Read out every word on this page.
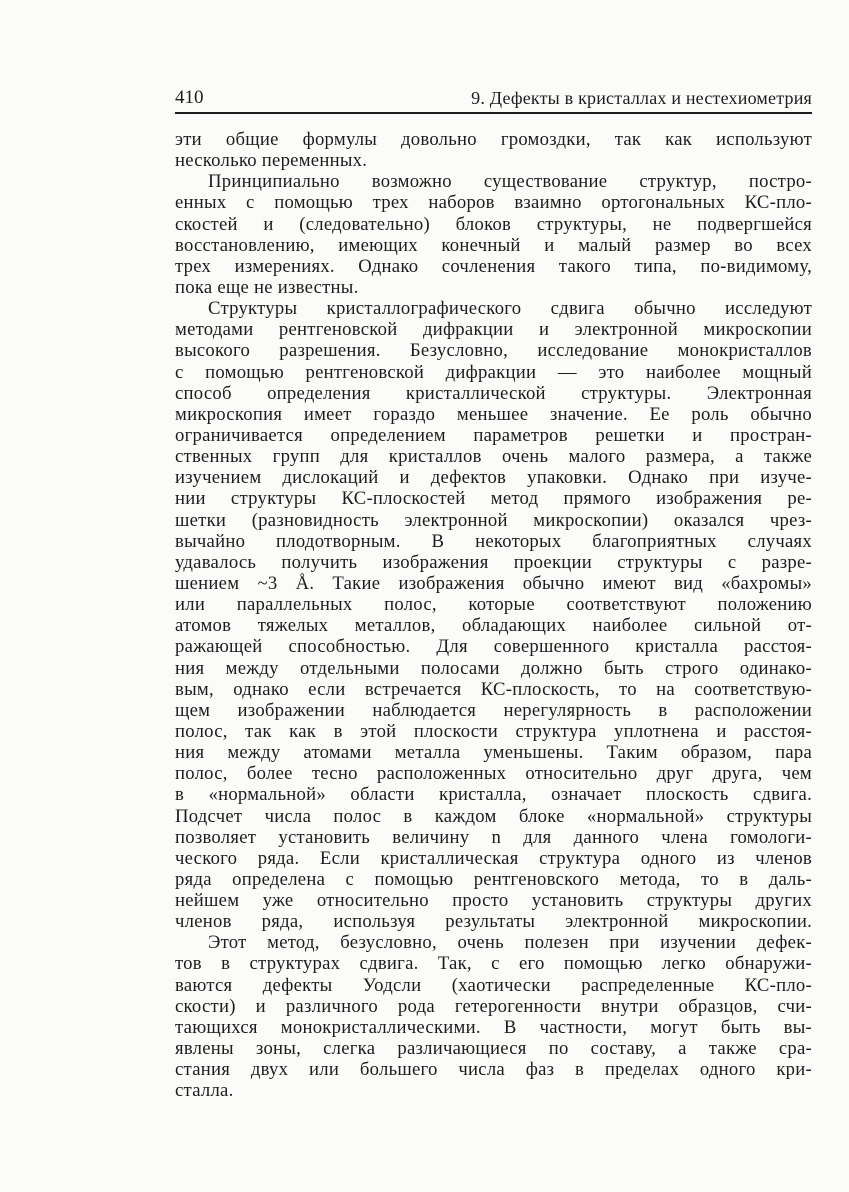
410	9. Дефекты в кристаллах и нестехиометрия
эти общие формулы довольно громоздки, так как используют
несколько переменных.
Принципиально возможно существование структур, постро-
енных с помощью трех наборов взаимно ортогональных КС-пло-
скостей и (следовательно) блоков структуры, не подвергшейся
восстановлению, имеющих конечный и малый размер во всех
трех измерениях. Однако сочленения такого типа, по-видимому,
пока еще не известны.
Структуры кристаллографического сдвига обычно исследуют
методами рентгеновской дифракции и электронной микроскопии
высокого разрешения. Безусловно, исследование монокристаллов
с помощью рентгеновской дифракции — это наиболее мощный
способ определения кристаллической структуры. Электронная
микроскопия имеет гораздо меньшее значение. Ее роль обычно
ограничивается определением параметров решетки и простран-
ственных групп для кристаллов очень малого размера, а также
изучением дислокаций и дефектов упаковки. Однако при изуче-
нии структуры КС-плоскостей метод прямого изображения ре-
шетки (разновидность электронной микроскопии) оказался чрез-
вычайно плодотворным. В некоторых благоприятных случаях
удавалось получить изображения проекции структуры с разре-
шением ~3 Å. Такие изображения обычно имеют вид «бахромы»
или параллельных полос, которые соответствуют положению
атомов тяжелых металлов, обладающих наиболее сильной от-
ражающей способностью. Для совершенного кристалла расстоя-
ния между отдельными полосами должно быть строго одинако-
вым, однако если встречается КС-плоскость, то на соответствую-
щем изображении наблюдается нерегулярность в расположении
полос, так как в этой плоскости структура уплотнена и расстоя-
ния между атомами металла уменьшены. Таким образом, пара
полос, более тесно расположенных относительно друг друга, чем
в «нормальной» области кристалла, означает плоскость сдвига.
Подсчет числа полос в каждом блоке «нормальной» структуры
позволяет установить величину n для данного члена гомологи-
ческого ряда. Если кристаллическая структура одного из членов
ряда определена с помощью рентгеновского метода, то в даль-
нейшем уже относительно просто установить структуры других
членов ряда, используя результаты электронной микроскопии.
Этот метод, безусловно, очень полезен при изучении дефек-
тов в структурах сдвига. Так, с его помощью легко обнаружи-
ваются дефекты Уодсли (хаотически распределенные КС-пло-
скости) и различного рода гетерогенности внутри образцов, счи-
тающихся монокристаллическими. В частности, могут быть вы-
явлены зоны, слегка различающиеся по составу, а также сра-
стания двух или большего числа фаз в пределах одного кри-
сталла.
